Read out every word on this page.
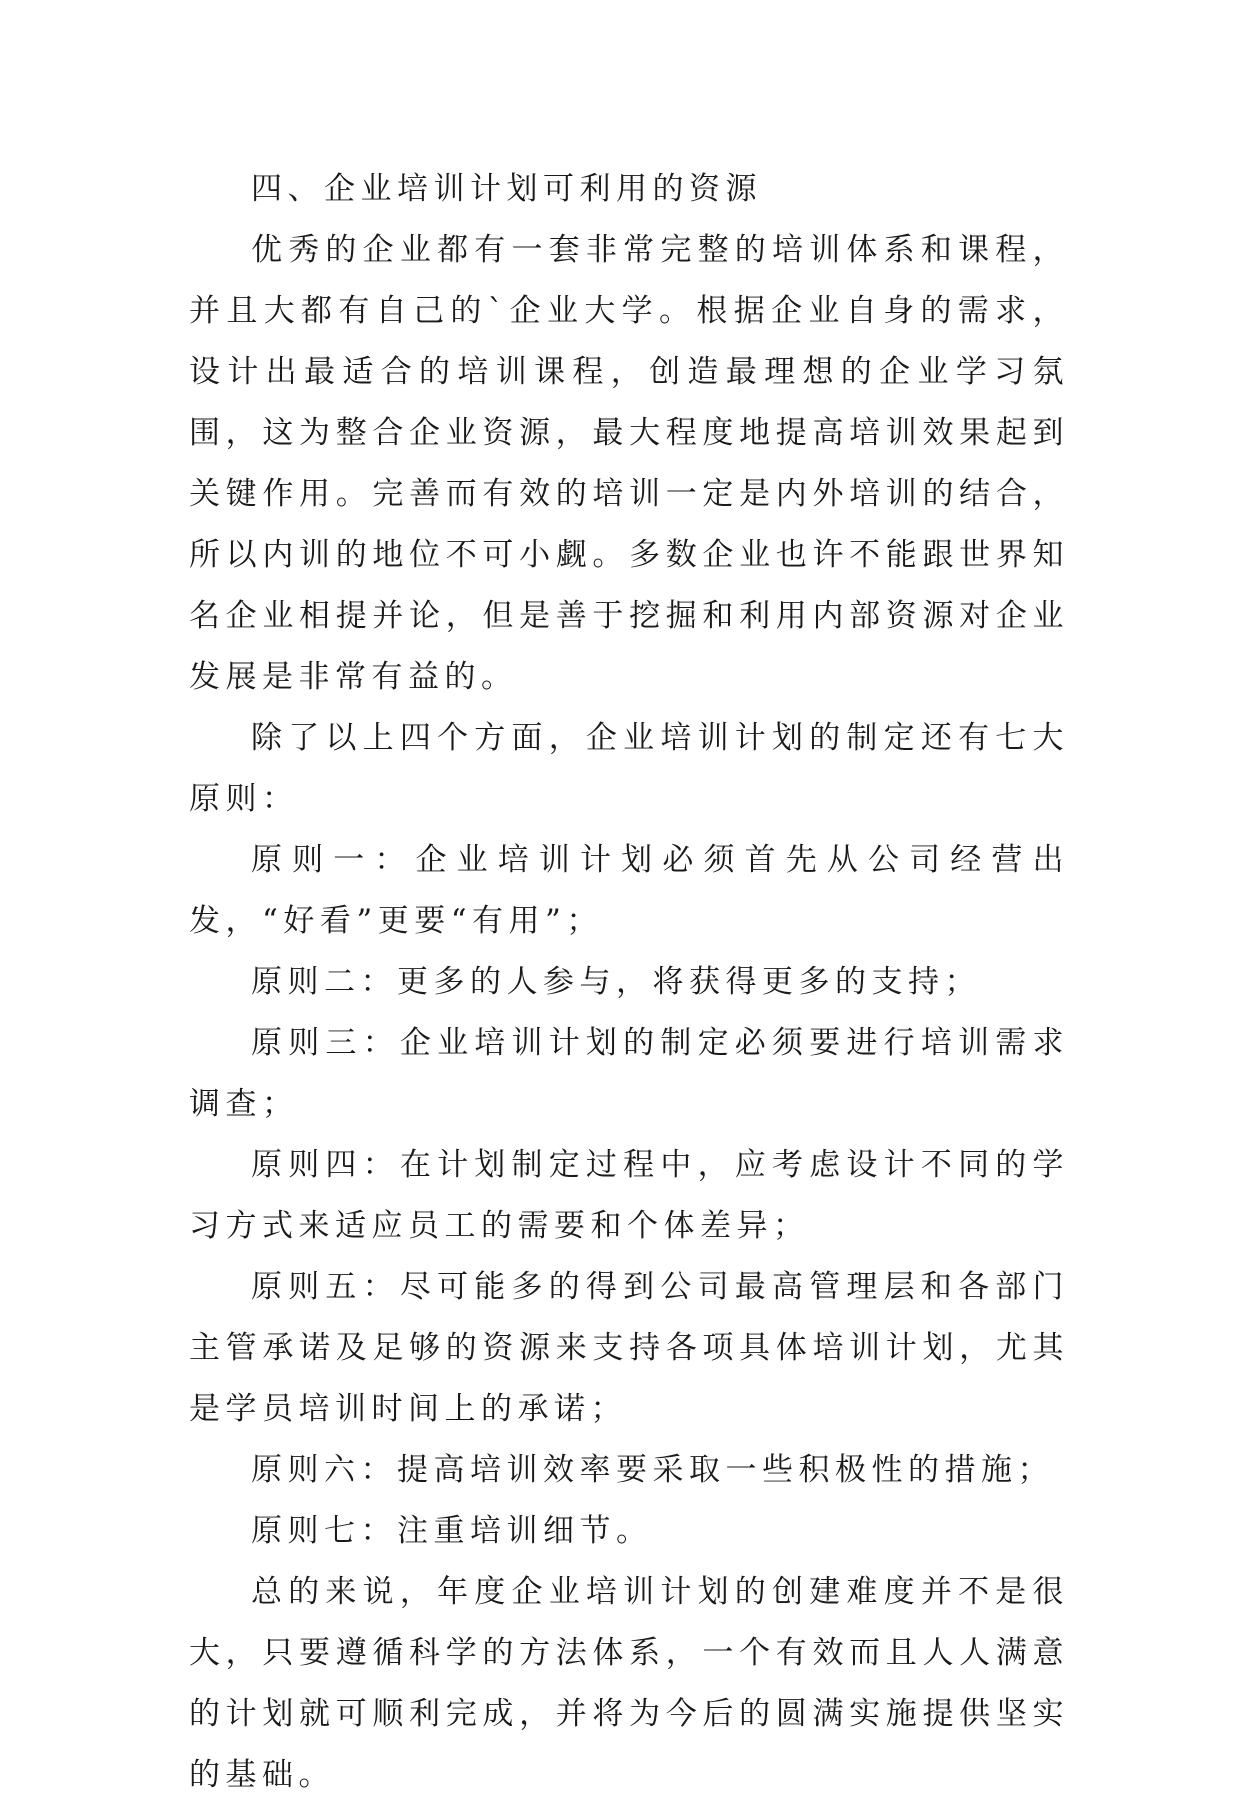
四、企业培训计划可利用的资源

优秀的企业都有一套非常完整的培训体系和课程，并且大都有自己的`企业大学。根据企业自身的需求，设计出最适合的培训课程，创造最理想的企业学习氛围，这为整合企业资源，最大程度地提高培训效果起到关键作用。完善而有效的培训一定是内外培训的结合，所以内训的地位不可小觑。多数企业也许不能跟世界知名企业相提并论，但是善于挖掘和利用内部资源对企业发展是非常有益的。

除了以上四个方面，企业培训计划的制定还有七大原则：

原则一：企业培训计划必须首先从公司经营出发，“好看”更要“有用”；

原则二：更多的人参与，将获得更多的支持；

原则三：企业培训计划的制定必须要进行培训需求调查；

原则四：在计划制定过程中，应考虑设计不同的学习方式来适应员工的需要和个体差异；

原则五：尽可能多的得到公司最高管理层和各部门主管承诺及足够的资源来支持各项具体培训计划，尤其是学员培训时间上的承诺；

原则六：提高培训效率要采取一些积极性的措施；

原则七：注重培训细节。

总的来说，年度企业培训计划的创建难度并不是很大，只要遵循科学的方法体系，一个有效而且人人满意的计划就可顺利完成，并将为今后的圆满实施提供坚实的基础。
